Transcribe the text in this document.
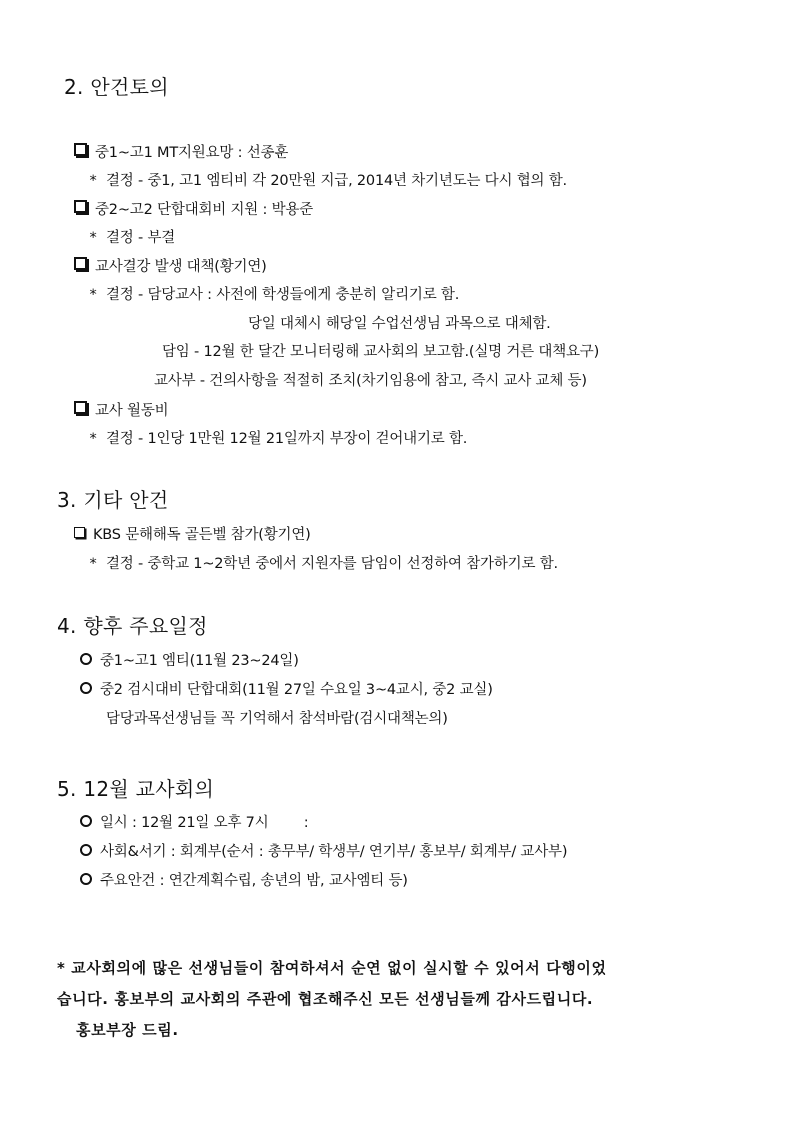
2. 안건토의
중1~고1 MT지원요망 : 선종훈
* 결정 - 중1, 고1 엠티비 각 20만원 지급, 2014년 차기년도는 다시 협의 함.
중2~고2 단합대회비 지원 : 박용준
* 결정 - 부결
교사결강 발생 대책(황기연)
* 결정 - 담당교사 : 사전에 학생들에게 충분히 알리기로 함.
당일 대체시 해당일 수업선생님 과목으로 대체함.
담임 - 12월 한 달간 모니터링해 교사회의 보고함.(실명 거른 대책요구)
교사부 - 건의사항을 적절히 조치(차기임용에 참고, 즉시 교사 교체 등)
교사 월동비
* 결정 - 1인당 1만원 12월 21일까지 부장이 걷어내기로 함.
3. 기타 안건
KBS 문해해독 골든벨 참가(황기연)
* 결정 - 중학교 1~2학년 중에서 지원자를 담임이 선정하여 참가하기로 함.
4. 향후 주요일정
중1~고1 엠티(11월 23~24일)
중2 검시대비 단합대회(11월 27일 수요일 3~4교시, 중2 교실)
담당과목선생님들 꼭 기억해서 참석바람(검시대책논의)
5. 12월 교사회의
일시 : 12월 21일 오후 7시        :
사회&서기 : 회계부(순서 : 총무부/ 학생부/ 연기부/ 홍보부/ 회계부/ 교사부)
주요안건 : 연간계획수립, 송년의 밤, 교사엠티 등)
* 교사회의에 많은 선생님들이 참여하셔서 순연 없이 실시할 수 있어서 다행이었
습니다. 홍보부의 교사회의 주관에 협조해주신 모든 선생님들께 감사드립니다.
홍보부장 드림.
